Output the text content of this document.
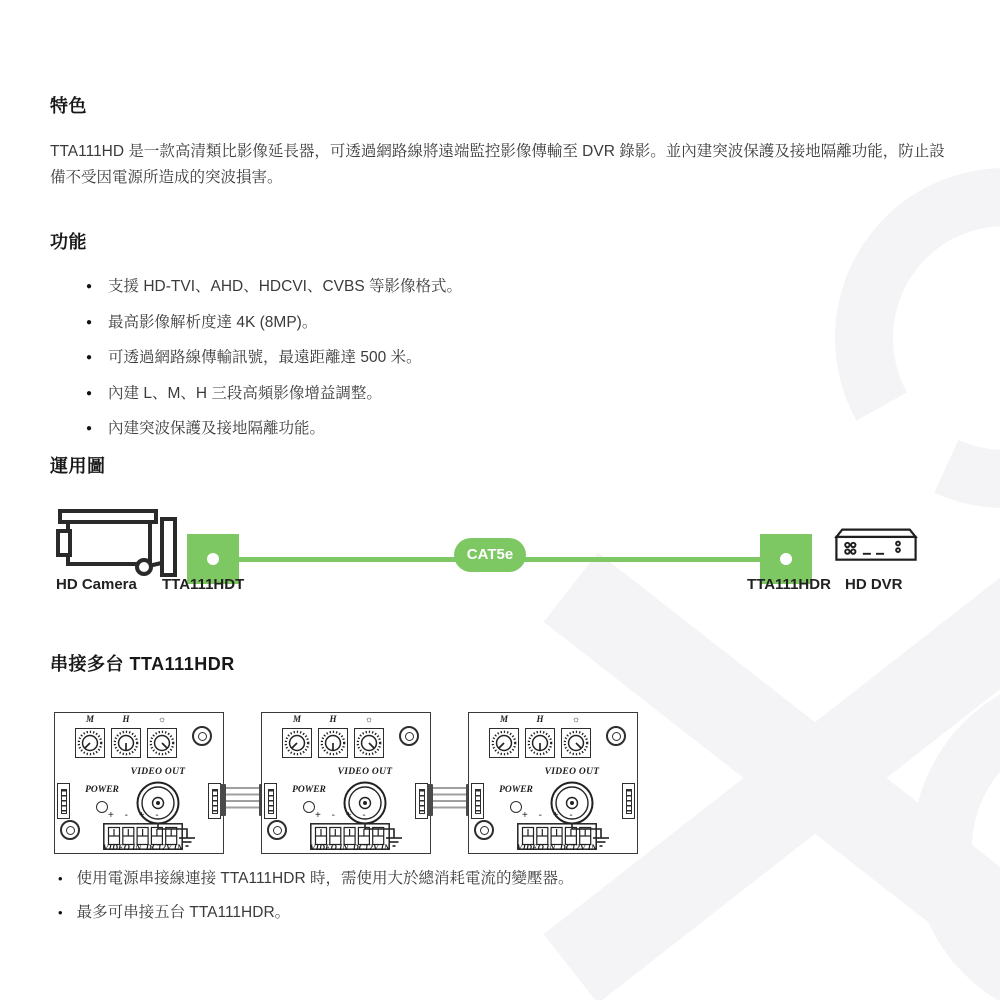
特色
TTA111HD 是一款高清類比影像延長器，可透過網路線將遠端監控影像傳輸至 DVR 錄影。並內建突波保護及接地隔離功能，防止設備不受因電源所造成的突波損害。
功能
● 支援 HD-TVI、AHD、HDCVI、CVBS 等影像格式。
● 最高影像解析度達 4K (8MP)。
● 可透過網路線傳輸訊號，最遠距離達 500 米。
● 內建 L、M、H 三段高頻影像增益調整。
● 內建突波保護及接地隔離功能。
運用圖
CAT5e
HD Camera TTA111HDT	TTA111HDR HD DVR
串接多台 TTA111HDR
M	H	☼
VIDEO OUT
POWER
+ - + -
VIDEO IN  DC12V IN
M	H	☼
VIDEO OUT
POWER
+ - + -
VIDEO IN  DC12V IN
M	H	☼
VIDEO OUT
POWER
+ - + -
VIDEO IN  DC12V IN
• 使用電源串接線連接 TTA111HDR 時，需使用大於總消耗電流的變壓器。
• 最多可串接五台 TTA111HDR。
